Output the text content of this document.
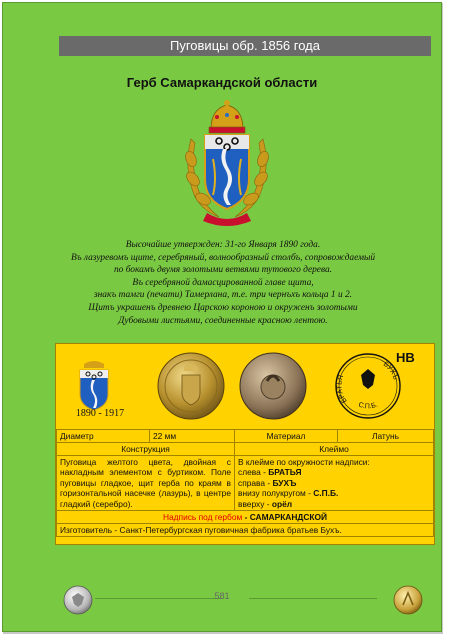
Пуговицы обр. 1856 года
Герб Самаркандской области
Высочайше утвержден: 31-го Января 1890 года.
Въ лазуревомъ щите, серебряный, волнообразный столбъ, сопровождаемый
по бокамъ двумя золотыми ветвями тутового дерева.
Въ серебряной дамасцированной главе щита,
знакъ тамги (печати) Тамерлана, т.е. три чернъхъ кольца 1 и 2.
Щитъ украшенъ древнею Царскою короною и окруженъ золотыми
Дубовыми листьями, соединенные красною лентою.
1890 - 1917
БРАТЬЯ
БУХЪ
С.П.Б.
НВ
Диаметр	22 мм	Материал	Латунь
Конструкция		Клеймо	
Пуговица желтого цвета, двойная с накладным элементом с буртиком. Поле пуговицы гладкое, щит герба по краям в горизонтальной насечке (лазурь), в центре гладкий (серебро).		В клейме по окружности надписи:
слева - БРАТЬЯ
справа - БУХЪ
внизу полукругом - С.П.Б.
вверху - орёл	

Надпись под гербом - САМАРКАНДСКОЙ			
Изготовитель - Санкт-Петербургская пуговичная фабрика братьев Бухъ.			
581
